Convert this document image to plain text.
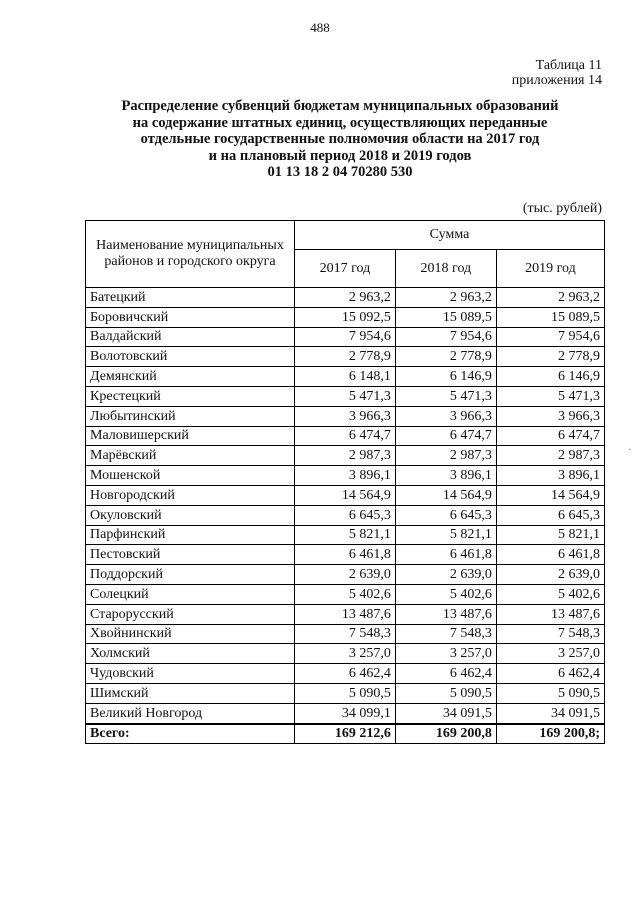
488
Таблица 11
приложения 14
Распределение субвенций бюджетам муниципальных образований
на содержание штатных единиц, осуществляющих переданные
отдельные государственные полномочия области на 2017 год
и на плановый период 2018 и 2019 годов
01 13 18 2 04 70280 530
(тыс. рублей)
Наименование муниципальных районов и городского округа	Сумма		
	2017 год	2018 год	2019 год
Батецкий	2 963,2	2 963,2	2 963,2
Боровичский	15 092,5	15 089,5	15 089,5
Валдайский	7 954,6	7 954,6	7 954,6
Волотовский	2 778,9	2 778,9	2 778,9
Демянский	6 148,1	6 146,9	6 146,9
Крестецкий	5 471,3	5 471,3	5 471,3
Любытинский	3 966,3	3 966,3	3 966,3
Маловишерский	6 474,7	6 474,7	6 474,7
Марёвский	2 987,3	2 987,3	2 987,3
Мошенской	3 896,1	3 896,1	3 896,1
Новгородский	14 564,9	14 564,9	14 564,9
Окуловский	6 645,3	6 645,3	6 645,3
Парфинский	5 821,1	5 821,1	5 821,1
Пестовский	6 461,8	6 461,8	6 461,8
Поддорский	2 639,0	2 639,0	2 639,0
Солецкий	5 402,6	5 402,6	5 402,6
Старорусский	13 487,6	13 487,6	13 487,6
Хвойнинский	7 548,3	7 548,3	7 548,3
Холмский	3 257,0	3 257,0	3 257,0
Чудовский	6 462,4	6 462,4	6 462,4
Шимский	5 090,5	5 090,5	5 090,5
Великий Новгород	34 099,1	34 091,5	34 091,5
Всего:	169 212,6	169 200,8	169 200,8;
·
